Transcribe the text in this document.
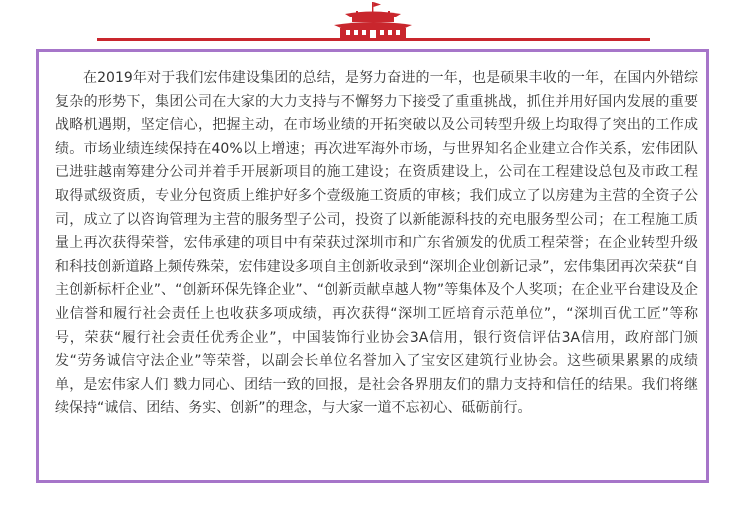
在2019年对于我们宏伟建设集团的总结，是努力奋进的一年，也是硕果丰收的一年，在国内外错综复杂的形势下，集团公司在大家的大力支持与不懈努力下接受了重重挑战，抓住并用好国内发展的重要战略机遇期，坚定信心，把握主动，在市场业绩的开拓突破以及公司转型升级上均取得了突出的工作成绩。市场业绩连续保持在40%以上增速；再次进军海外市场，与世界知名企业建立合作关系，宏伟团队已进驻越南筹建分公司并着手开展新项目的施工建设；在资质建设上，公司在工程建设总包及市政工程取得贰级资质，专业分包资质上维护好多个壹级施工资质的审核；我们成立了以房建为主营的全资子公司，成立了以咨询管理为主营的服务型子公司，投资了以新能源科技的充电服务型公司；在工程施工质量上再次获得荣誉，宏伟承建的项目中有荣获过深圳市和广东省颁发的优质工程荣誉；在企业转型升级和科技创新道路上频传殊荣，宏伟建设多项自主创新收录到“深圳企业创新记录”，宏伟集团再次荣获“自主创新标杆企业”、“创新环保先锋企业”、“创新贡献卓越人物”等集体及个人奖项；在企业平台建设及企业信誉和履行社会责任上也收获多项成绩，再次获得“深圳工匠培育示范单位”，“深圳百优工匠”等称号，荣获“履行社会责任优秀企业”，中国装饰行业协会3A信用，银行资信评估3A信用，政府部门颁发“劳务诚信守法企业”等荣誉，以副会长单位名誉加入了宝安区建筑行业协会。这些硕果累累的成绩单，是宏伟家人们 戮力同心、团结一致的回报，是社会各界朋友们的鼎力支持和信任的结果。我们将继续保持“诚信、团结、务实、创新”的理念，与大家一道不忘初心、砥砺前行。
